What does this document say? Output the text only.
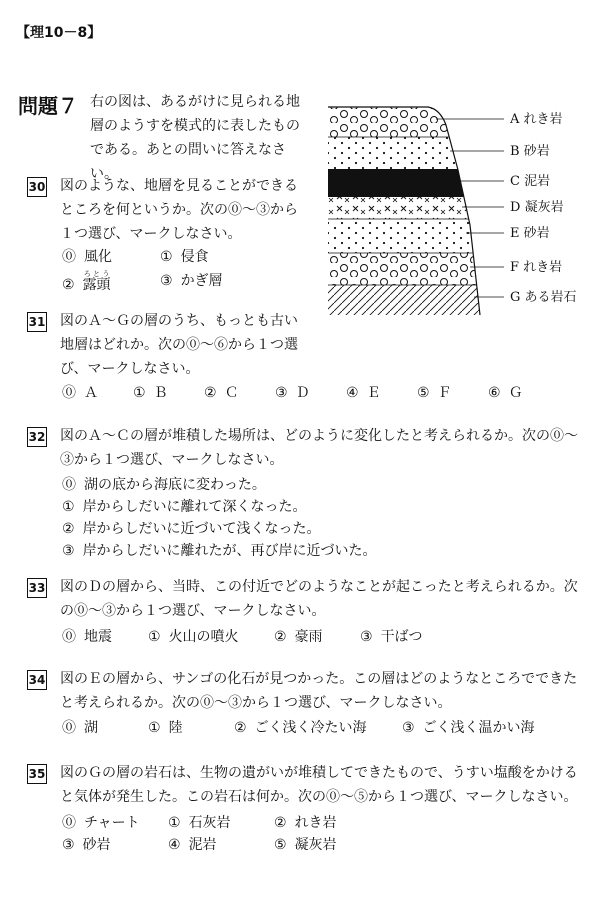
【理10－8】
問題７ 右の図は、あるがけに見られる地
層のようすを模式的に表したもの
である。あとの問いに答えなさい。
A れき岩
B 砂岩
C 泥岩
D 凝灰岩
E 砂岩
F れき岩
G ある岩石
30 図のような、地層を見ることができる
ところを何というか。次の⓪～③から
１つ選び、マークしなさい。
⓪ 風化	① 侵食
② 露頭ろとう	③ かぎ層
31 図のＡ～Ｇの層のうち、もっとも古い
地層はどれか。次の⓪～⑥から１つ選
び、マークしなさい。
⓪ Ａ	① Ｂ	② Ｃ	③ Ｄ	④ Ｅ	⑤ Ｆ	⑥ Ｇ
32 図のＡ～Ｃの層が堆積した場所は、どのように変化したと考えられるか。次の⓪～
③から１つ選び、マークしなさい。
⓪ 湖の底から海底に変わった。
① 岸からしだいに離れて深くなった。
② 岸からしだいに近づいて浅くなった。
③ 岸からしだいに離れたが、再び岸に近づいた。
33 図のＤの層から、当時、この付近でどのようなことが起こったと考えられるか。次
の⓪～③から１つ選び、マークしなさい。
⓪ 地震	① 火山の噴火	② 豪雨	③ 干ばつ
34 図のＥの層から、サンゴの化石が見つかった。この層はどのようなところでできた
と考えられるか。次の⓪～③から１つ選び、マークしなさい。
⓪ 湖	① 陸	② ごく浅く冷たい海	③ ごく浅く温かい海
35 図のＧの層の岩石は、生物の遺がいが堆積してできたもので、うすい塩酸をかける
と気体が発生した。この岩石は何か。次の⓪～⑤から１つ選び、マークしなさい。
⓪ チャート ① 石灰岩	② れき岩
③ 砂岩	④ 泥岩	⑤ 凝灰岩
